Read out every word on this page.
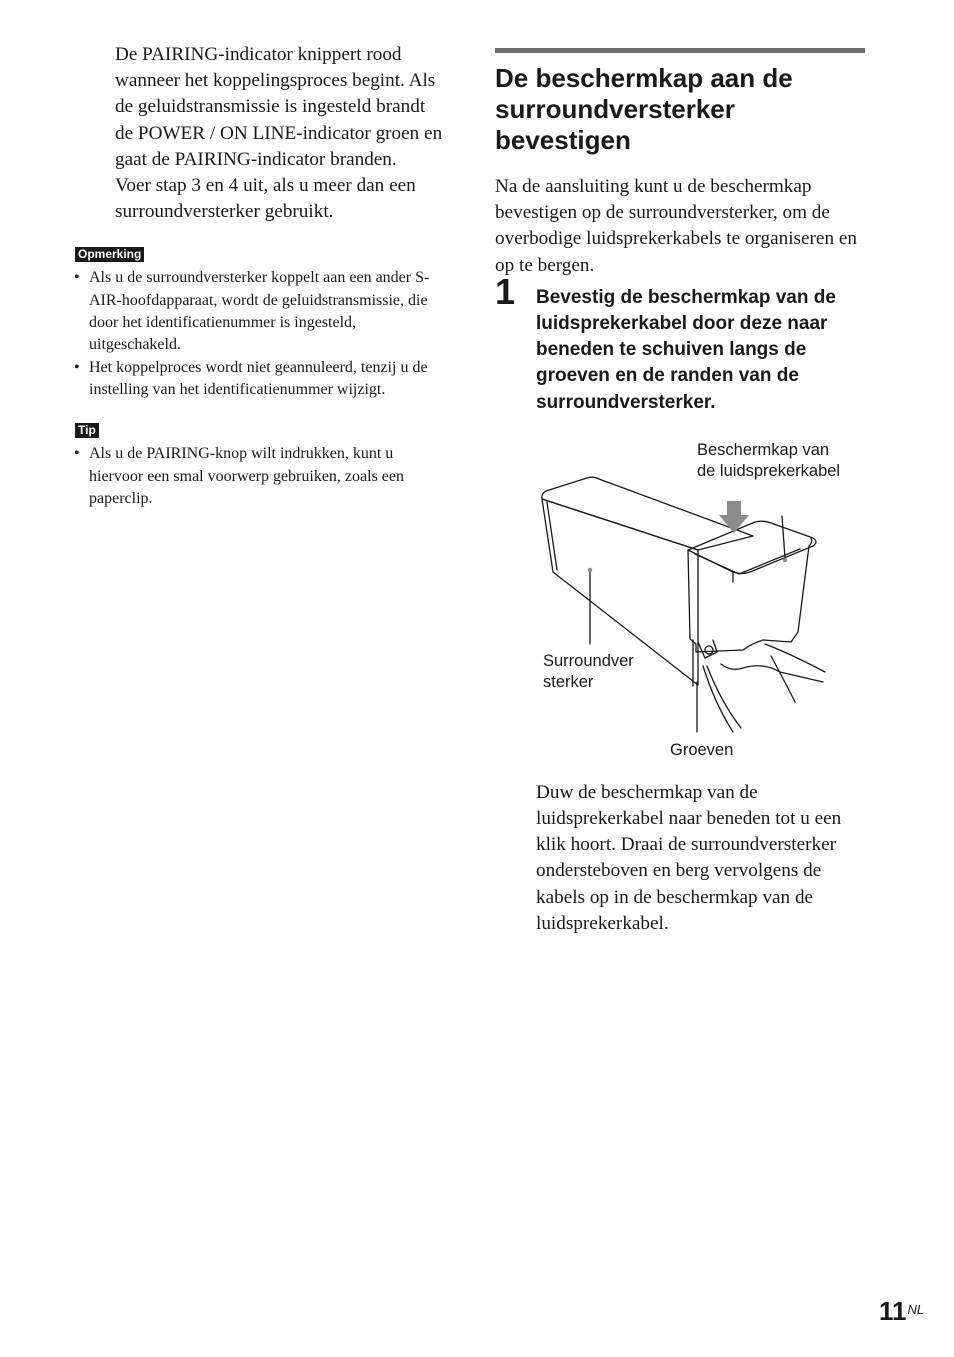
De PAIRING-indicator knippert rood wanneer het koppelingsproces begint. Als de geluidstransmissie is ingesteld brandt de POWER / ON LINE-indicator groen en gaat de PAIRING-indicator branden.

Voer stap 3 en 4 uit, als u meer dan een surroundversterker gebruikt.

Opmerking
• Als u de surroundversterker koppelt aan een ander S-AIR-hoofdapparaat, wordt de geluidstransmissie, die door het identificatienummer is ingesteld, uitgeschakeld.
• Het koppelproces wordt niet geannuleerd, tenzij u de instelling van het identificatienummer wijzigt.
Tip
• Als u de PAIRING-knop wilt indrukken, kunt u hiervoor een smal voorwerp gebruiken, zoals een paperclip.
De beschermkap aan de surroundversterker bevestigen

Na de aansluiting kunt u de beschermkap bevestigen op de surroundversterker, om de overbodige luidsprekerkabels te organiseren en op te bergen.

1 Bevestig de beschermkap van de luidsprekerkabel door deze naar beneden te schuiven langs de groeven en de randen van de surroundversterker.

Beschermkap van
de luidsprekerkabel
Surroundver
sterker
Groeven

Duw de beschermkap van de luidsprekerkabel naar beneden tot u een klik hoort. Draai de surroundversterker ondersteboven en berg vervolgens de kabels op in de beschermkap van de luidsprekerkabel.

$11^{NL}$
